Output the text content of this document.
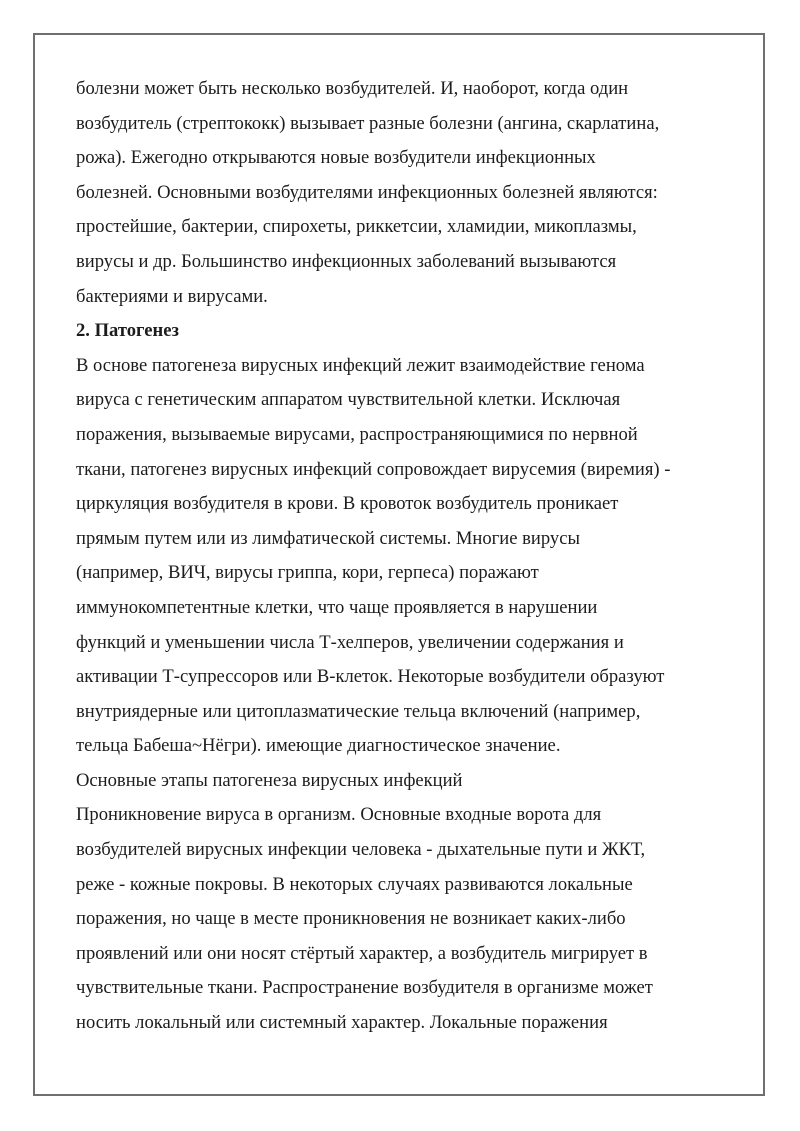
болезни может быть несколько возбудителей. И, наоборот, когда один
возбудитель (стрептококк) вызывает разные болезни (ангина, скарлатина,
рожа). Ежегодно открываются новые возбудители инфекционных
болезней. Основными возбудителями инфекционных болезней являются:
простейшие, бактерии, спирохеты, риккетсии, хламидии, микоплазмы,
вирусы и др. Большинство инфекционных заболеваний вызываются
бактериями и вирусами.
2. Патогенез
В основе патогенеза вирусных инфекций лежит взаимодействие генома
вируса с генетическим аппаратом чувствительной клетки. Исключая
поражения, вызываемые вирусами, распространяющимися по нервной
ткани, патогенез вирусных инфекций сопровождает вирусемия (виремия) -
циркуляция возбудителя в крови. В кровоток возбудитель проникает
прямым путем или из лимфатической системы. Многие вирусы
(например, ВИЧ, вирусы гриппа, кори, герпеса) поражают
иммунокомпетентные клетки, что чаще проявляется в нарушении
функций и уменьшении числа Т-хелперов, увеличении содержания и
активации Т-супрессоров или В-клеток. Некоторые возбудители образуют
внутриядерные или цитоплазматические тельца включений (например,
тельца Бабеша~Нёгри). имеющие диагностическое значение.
Основные этапы патогенеза вирусных инфекций
Проникновение вируса в организм. Основные входные ворота для
возбудителей вирусных инфекции человека - дыхательные пути и ЖКТ,
реже - кожные покровы. В некоторых случаях развиваются локальные
поражения, но чаще в месте проникновения не возникает каких-либо
проявлений или они носят стёртый характер, а возбудитель мигрирует в
чувствительные ткани. Распространение возбудителя в организме может
носить локальный или системный характер. Локальные поражения
